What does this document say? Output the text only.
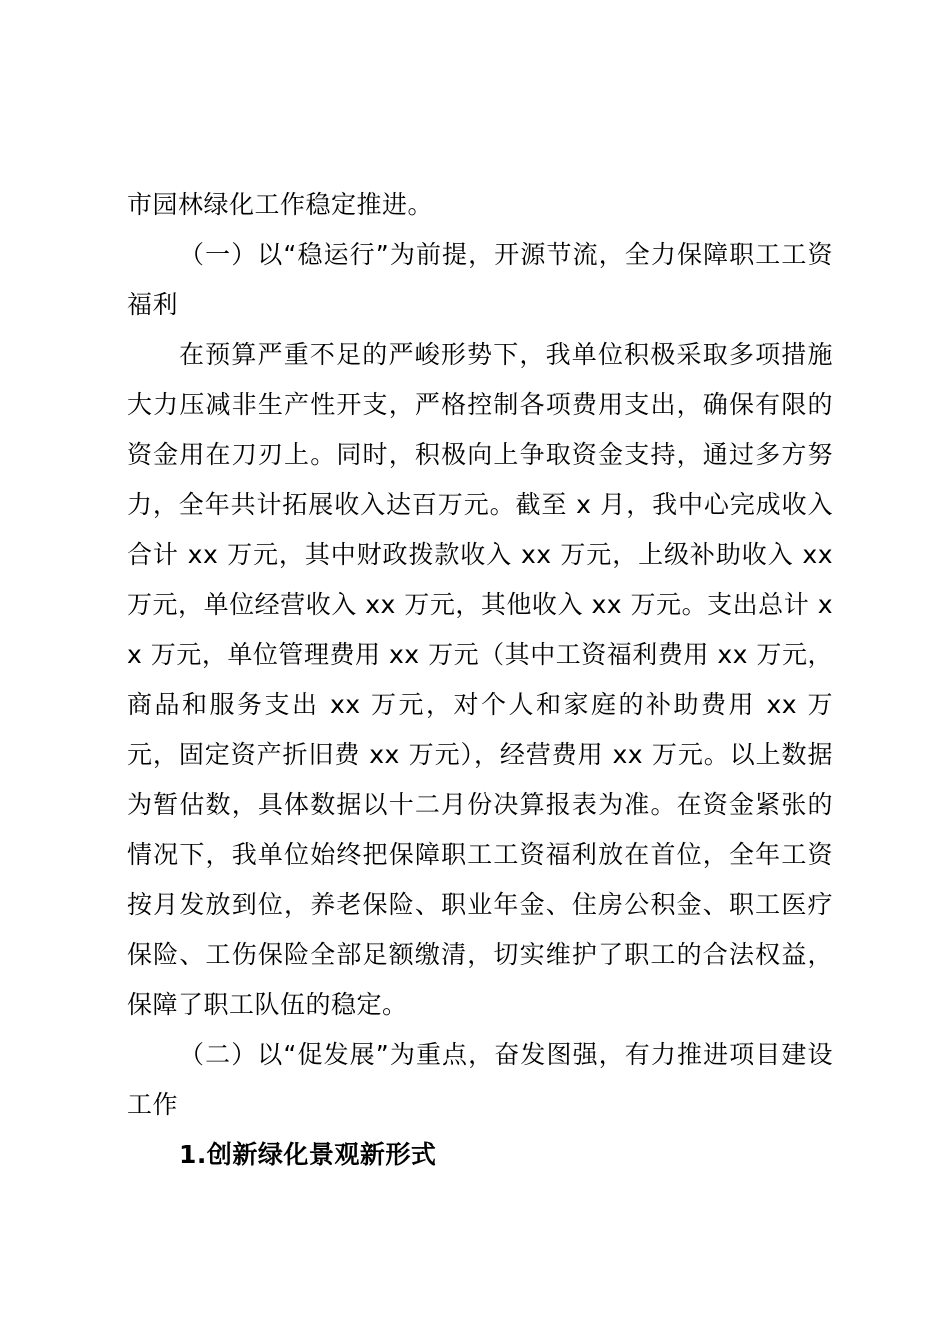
市园林绿化工作稳定推进。

（一）以“稳运行”为前提，开源节流，全力保障职工工资福利

在预算严重不足的严峻形势下，我单位积极采取多项措施大力压减非生产性开支，严格控制各项费用支出，确保有限的资金用在刀刃上。同时，积极向上争取资金支持，通过多方努力，全年共计拓展收入达百万元。截至 x 月，我中心完成收入合计 xx 万元，其中财政拨款收入 xx 万元，上级补助收入 xx 万元，单位经营收入 xx 万元，其他收入 xx 万元。支出总计 xx 万元，单位管理费用 xx 万元（其中工资福利费用 xx 万元，商品和服务支出 xx 万元，对个人和家庭的补助费用 xx 万元，固定资产折旧费 xx 万元），经营费用 xx 万元。以上数据为暂估数，具体数据以十二月份决算报表为准。在资金紧张的情况下，我单位始终把保障职工工资福利放在首位，全年工资按月发放到位，养老保险、职业年金、住房公积金、职工医疗保险、工伤保险全部足额缴清，切实维护了职工的合法权益，保障了职工队伍的稳定。

（二）以“促发展”为重点，奋发图强，有力推进项目建设工作

1.创新绿化景观新形式
